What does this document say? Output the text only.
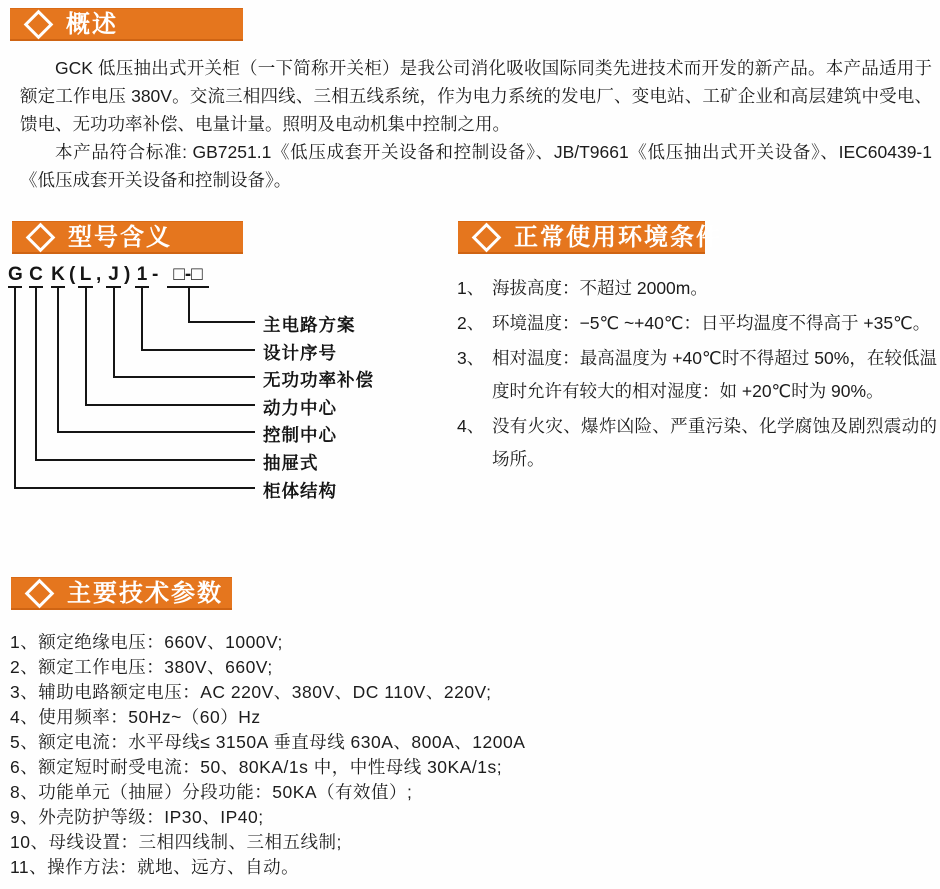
概述

GCK 低压抽出式开关柜（一下简称开关柜）是我公司消化吸收国际同类先进技术而开发的新产品。本产品适用于额定工作电压 380V。交流三相四线、三相五线系统，作为电力系统的发电厂、变电站、工矿企业和高层建筑中受电、馈电、无功功率补偿、电量计量。照明及电动机集中控制之用。

本产品符合标准: GB7251.1《低压成套开关设备和控制设备》、JB/T9661《低压抽出式开关设备》、IEC60439-1《低压成套开关设备和控制设备》。

型号含义
G C K ( L , J ) 1 - □-□
主电路方案
设计序号
无功功率补偿
动力中心
控制中心
抽屉式
柜体结构
正常使用环境条件
1、 海拔高度：不超过 2000m。
2、 环境温度：−5℃ ~+40℃：日平均温度不得高于 +35℃。
3、 相对温度：最高温度为 +40℃时不得超过 50%，在较低温度时允许有较大的相对湿度：如 +20℃时为 90%。
4、 没有火灾、爆炸凶险、严重污染、化学腐蚀及剧烈震动的场所。
主要技术参数
1、额定绝缘电压：660V、1000V;
2、额定工作电压：380V、660V;
3、辅助电路额定电压：AC 220V、380V、DC 110V、220V;
4、使用频率：50Hz~（60）Hz
5、额定电流：水平母线≤ 3150A 垂直母线 630A、800A、1200A
6、额定短时耐受电流：50、80KA/1s 中，中性母线 30KA/1s;
8、功能单元（抽屉）分段功能：50KA（有效值）;
9、外壳防护等级：IP30、IP40;
10、母线设置：三相四线制、三相五线制;
11、操作方法：就地、远方、自动。
